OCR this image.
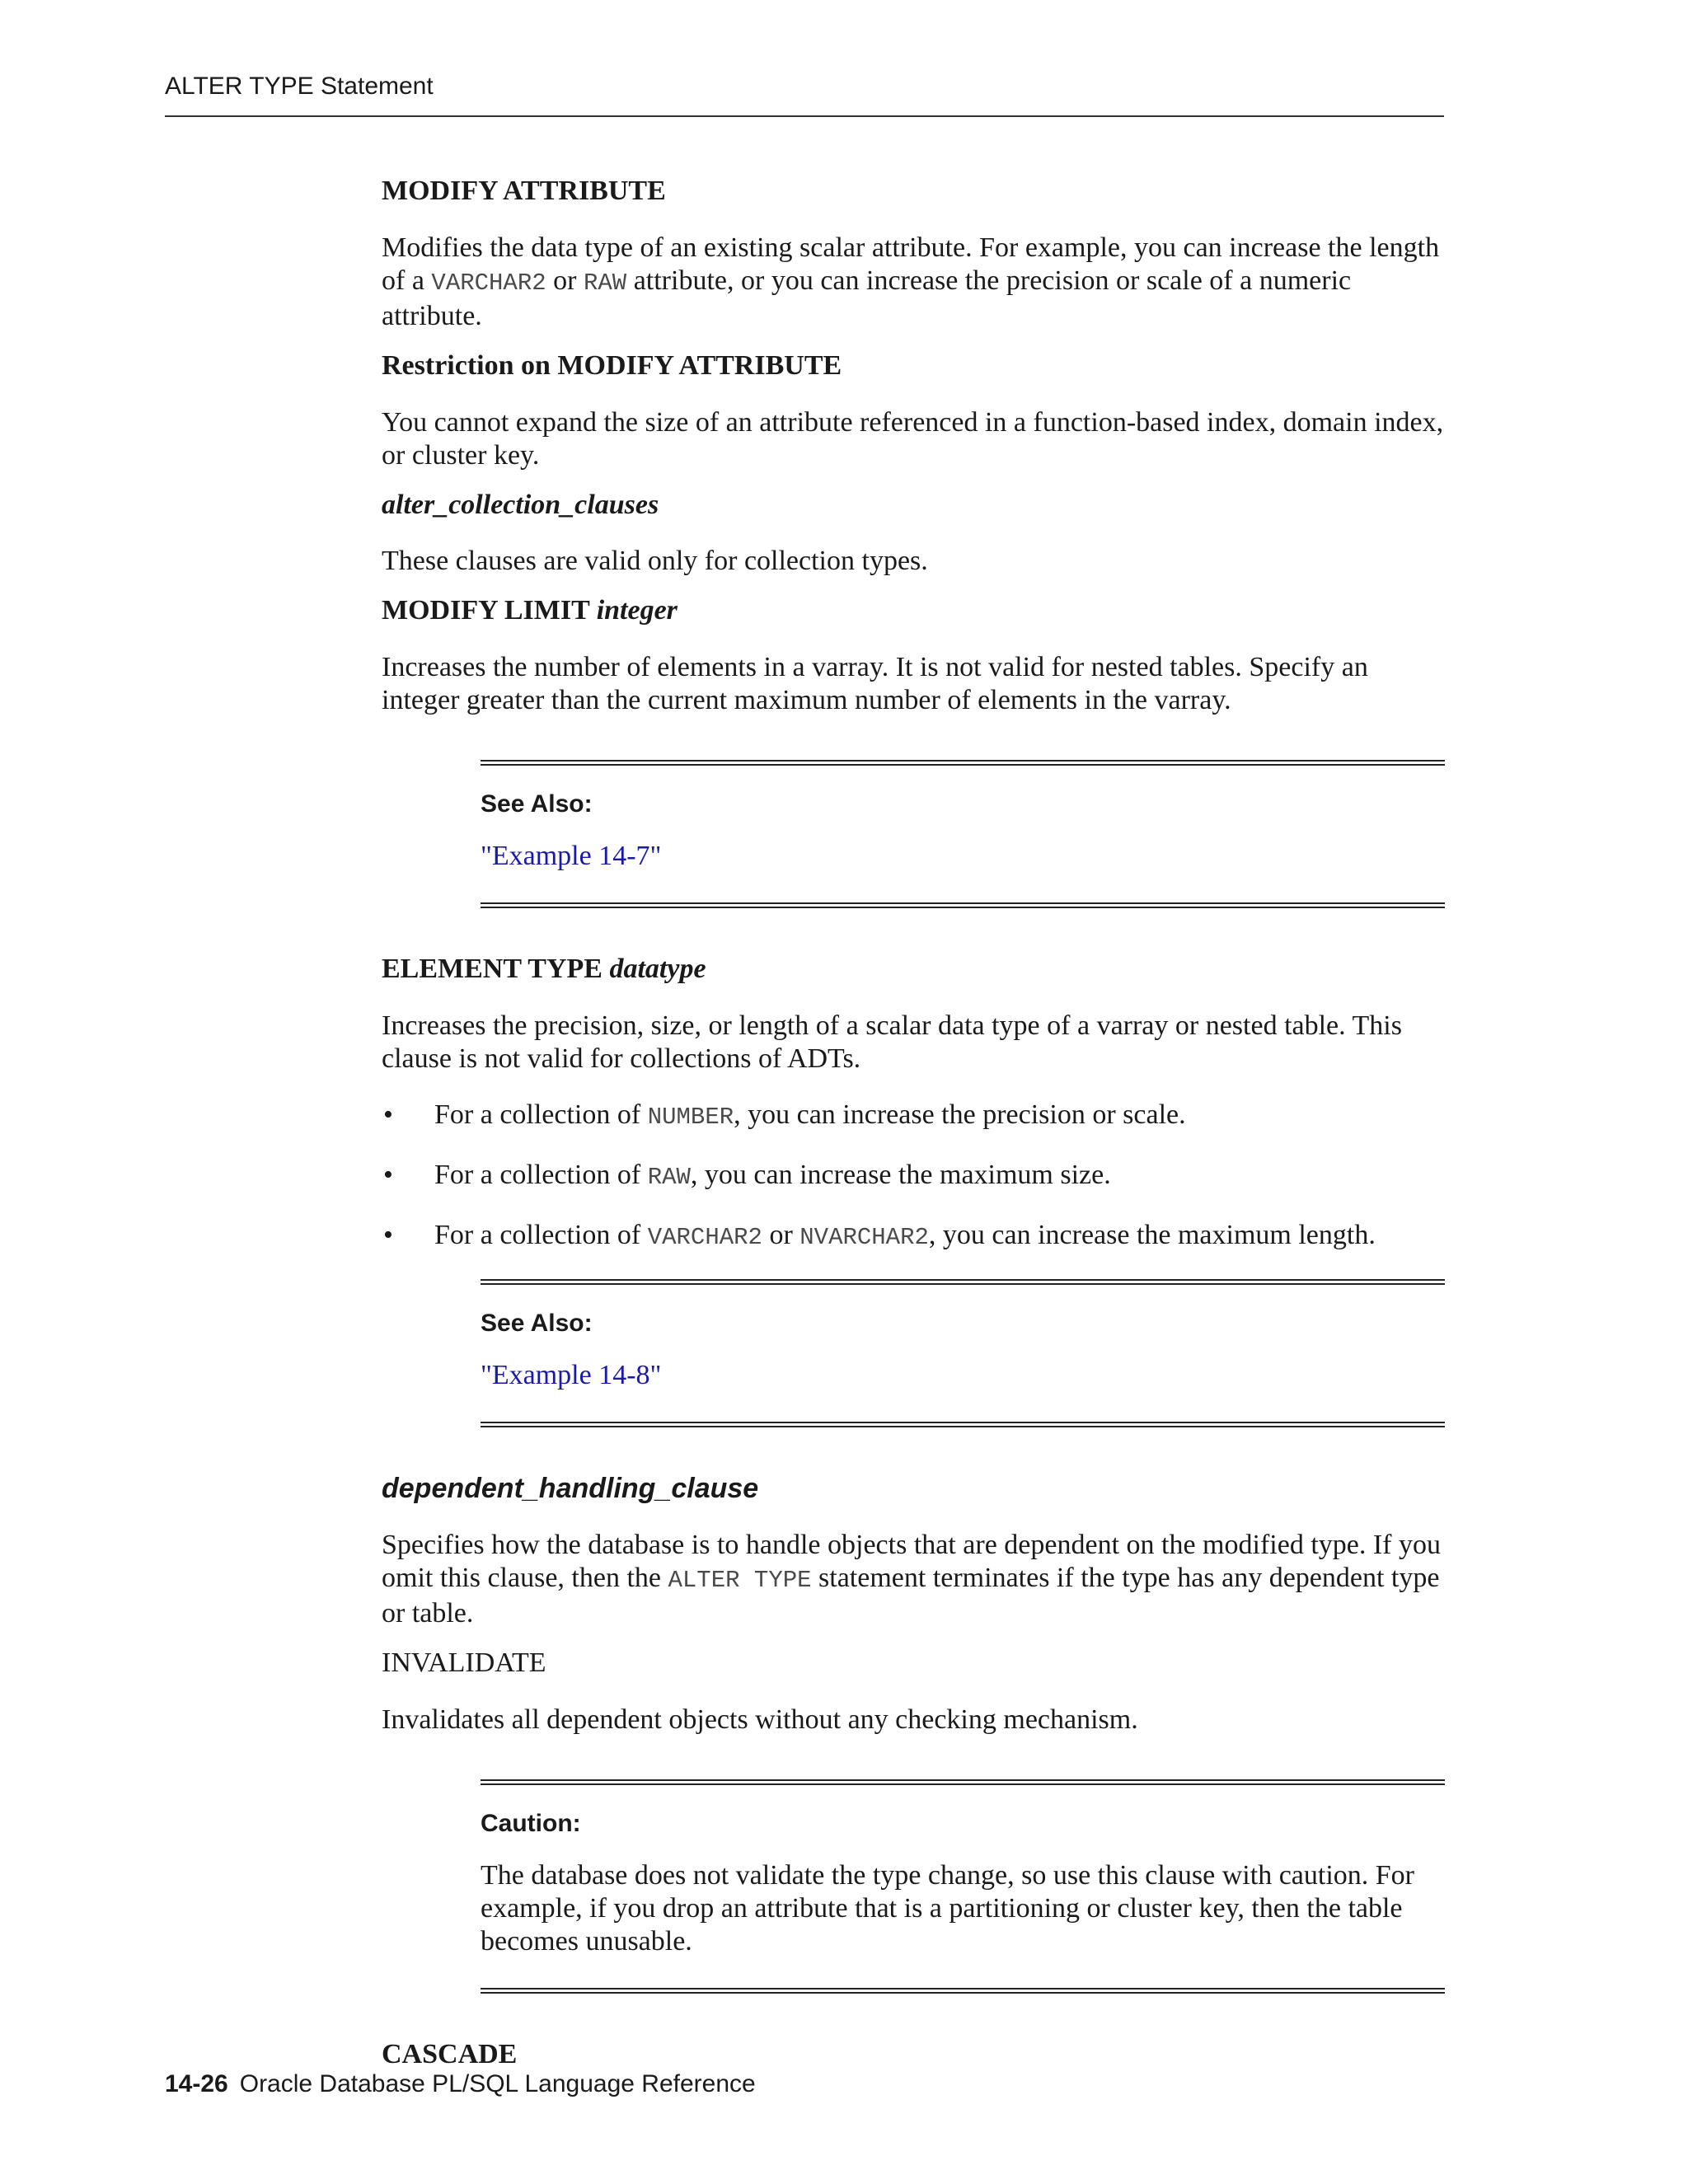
ALTER TYPE Statement
MODIFY ATTRIBUTE

Modifies the data type of an existing scalar attribute. For example, you can increase the length of a VARCHAR2 or RAW attribute, or you can increase the precision or scale of a numeric attribute.

Restriction on MODIFY ATTRIBUTE

You cannot expand the size of an attribute referenced in a function-based index, domain index, or cluster key.

alter_collection_clauses

These clauses are valid only for collection types.

MODIFY LIMIT integer

Increases the number of elements in a varray. It is not valid for nested tables. Specify an integer greater than the current maximum number of elements in the varray.

See Also:
"Example 14-7"
ELEMENT TYPE datatype

Increases the precision, size, or length of a scalar data type of a varray or nested table. This clause is not valid for collections of ADTs.

• For a collection of NUMBER, you can increase the precision or scale.
• For a collection of RAW, you can increase the maximum size.
• For a collection of VARCHAR2 or NVARCHAR2, you can increase the maximum length.
See Also:
"Example 14-8"
dependent_handling_clause

Specifies how the database is to handle objects that are dependent on the modified type. If you omit this clause, then the ALTER TYPE statement terminates if the type has any dependent type or table.

INVALIDATE

Invalidates all dependent objects without any checking mechanism.

Caution:

The database does not validate the type change, so use this clause with caution. For example, if you drop an attribute that is a partitioning or cluster key, then the table becomes unusable.

CASCADE
14-26 Oracle Database PL/SQL Language Reference
